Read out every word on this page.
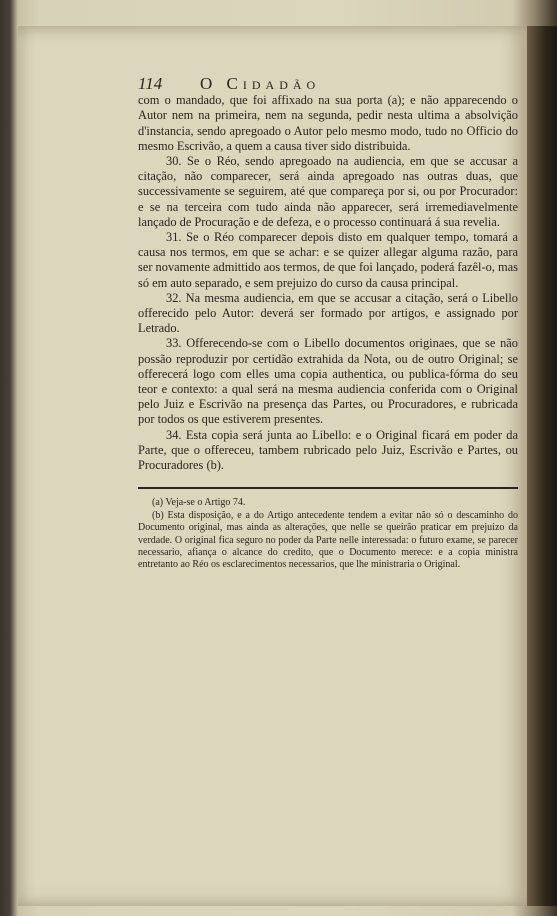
114	O Cidadão

com o mandado, que foi affixado na sua porta (a); e não apparecendo o Autor nem na primeira, nem na segunda, pedir nesta ultima a absolvição d'instancia, sendo apregoado o Autor pelo mesmo modo, tudo no Officio do mesmo Escrivão, a quem a causa tiver sido distribuida.

30. Se o Réo, sendo apregoado na audiencia, em que se accusar a citação, não comparecer, será ainda apregoado nas outras duas, que successivamente se seguirem, até que compareça por si, ou por Procurador: e se na terceira com tudo ainda não apparecer, será irremediavelmente lançado de Procuração e de defeza, e o processo continuará á sua revelia.

31. Se o Réo comparecer depois disto em qualquer tempo, tomará a causa nos termos, em que se achar: e se quizer allegar alguma razão, para ser novamente admittido aos termos, de que foi lançado, poderá fazêl-o, mas só em auto separado, e sem prejuizo do curso da causa principal.

32. Na mesma audiencia, em que se accusar a citação, será o Libello offerecido pelo Autor: deverá ser formado por artigos, e assignado por Letrado.

33. Offerecendo-se com o Libello documentos originaes, que se não possão reproduzir por certidão extrahida da Nota, ou de outro Original; se offerecerá logo com elles uma copia authentica, ou publica-fórma do seu teor e contexto: a qual será na mesma audiencia conferida com o Original pelo Juiz e Escrivão na presença das Partes, ou Procuradores, e rubricada por todos os que estiverem presentes.

34. Esta copia será junta ao Libello: e o Original ficará em poder da Parte, que o offereceu, tambem rubricado pelo Juiz, Escrivão e Partes, ou Procuradores (b).

(a) Veja-se o Artigo 74.

(b) Esta disposição, e a do Artigo antecedente tendem a evitar não só o descaminho do Documento original, mas ainda as alterações, que nelle se queirão praticar em prejuizo da verdade. O original fica seguro no poder da Parte nelle interessada: o futuro exame, se parecer necessario, afiança o alcance do credito, que o Documento merece: e a copia ministra entretanto ao Réo os esclarecimentos necessarios, que lhe ministraria o Original.
